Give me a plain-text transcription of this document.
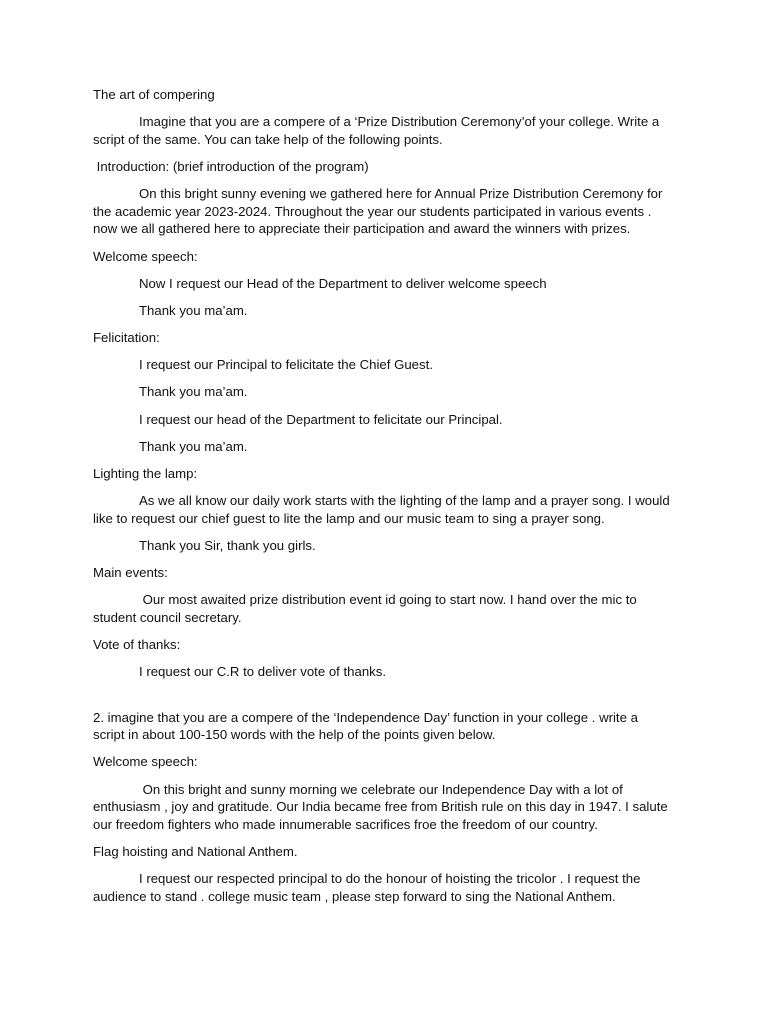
The art of compering

Imagine that you are a compere of a ‘Prize Distribution Ceremony’of your college. Write a script of the same. You can take help of the following points.

Introduction: (brief introduction of the program)

On this bright sunny evening we gathered here for Annual Prize Distribution Ceremony for the academic year 2023-2024. Throughout the year our students participated in various events . now we all gathered here to appreciate their participation and award the winners with prizes.

Welcome speech:

Now I request our Head of the Department to deliver welcome speech

Thank you ma’am.

Felicitation:

I request our Principal to felicitate the Chief Guest.

Thank you ma’am.

I request our head of the Department to felicitate our Principal.

Thank you ma’am.

Lighting the lamp:

As we all know our daily work starts with the lighting of the lamp and a prayer song. I would like to request our chief guest to lite the lamp and our music team to sing a prayer song.

Thank you Sir, thank you girls.

Main events:

Our most awaited prize distribution event id going to start now. I hand over the mic to student council secretary.

Vote of thanks:

I request our C.R to deliver vote of thanks.

2. imagine that you are a compere of the ‘Independence Day’ function in your college . write a script in about 100-150 words with the help of the points given below.

Welcome speech:

On this bright and sunny morning we celebrate our Independence Day with a lot of enthusiasm , joy and gratitude. Our India became free from British rule on this day in 1947. I salute our freedom fighters who made innumerable sacrifices froe the freedom of our country.

Flag hoisting and National Anthem.

I request our respected principal to do the honour of hoisting the tricolor . I request the audience to stand . college music team , please step forward to sing the National Anthem.
